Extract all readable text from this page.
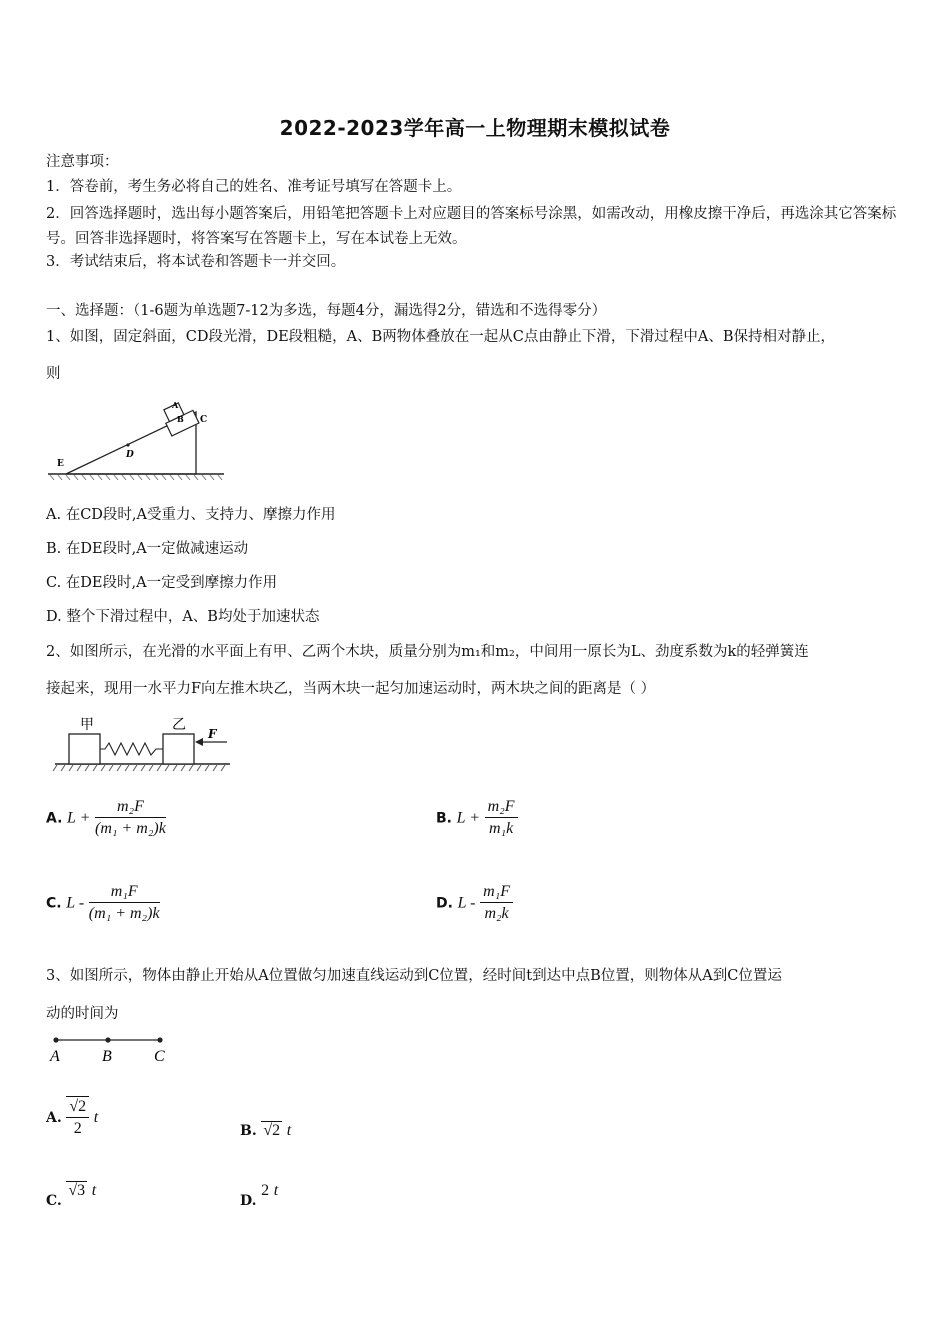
2022-2023学年高一上物理期末模拟试卷
注意事项：
1．答卷前，考生务必将自己的姓名、准考证号填写在答题卡上。
2．回答选择题时，选出每小题答案后，用铅笔把答题卡上对应题目的答案标号涂黑，如需改动，用橡皮擦干净后，再选涂其它答案标号。回答非选择题时，将答案写在答题卡上，写在本试卷上无效。
3．考试结束后，将本试卷和答题卡一并交回。
一、选择题：（1-6题为单选题7-12为多选，每题4分，漏选得2分，错选和不选得零分）
1、如图，固定斜面，CD段光滑，DE段粗糙，A、B两物体叠放在一起从C点由静止下滑，下滑过程中A、B保持相对静止，
则
E
D
C
B
A
A. 在CD段时,A受重力、支持力、摩擦力作用
B. 在DE段时,A一定做减速运动
C. 在DE段时,A一定受到摩擦力作用
D. 整个下滑过程中，A、B均处于加速状态
2、如图所示，在光滑的水平面上有甲、乙两个木块，质量分别为m₁和m₂，中间用一原长为L、劲度系数为k的轻弹簧连
接起来，现用一水平力F向左推木块乙，当两木块一起匀加速运动时，两木块之间的距离是（ ）
甲	乙
F
A. $L + \frac{\text{m₂F}}{\text{(m₁ + m₂)k}}$	B. $L + \frac{\text{m₂F}}{\text{m₁k}}$
C. L - $\frac{\text{m₁F}}{\text{(m₁ + m₂)k}}$	D. L - $\frac{\text{m₁F}}{\text{m₂k}}$
3、如图所示，物体由静止开始从A位置做匀加速直线运动到C位置，经时间t到达中点B位置，则物体从A到C位置运
动的时间为
A	B	C
A. $\frac{√2}{2}$ t
B. √2 t
C. √3 t
D. 2 t
